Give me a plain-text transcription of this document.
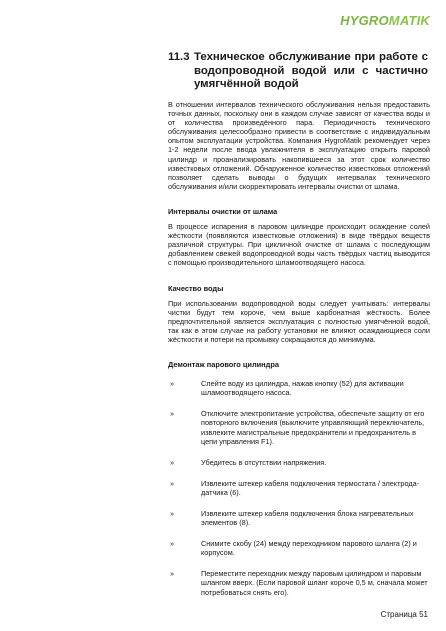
HYGROMATIK
11.3 Техническое обслуживание при работе с водопроводной водой или с частично умягчённой водой

В отношении интервалов технического обслуживания нельзя предоставить точных данных, поскольку они в каждом случае зависят от качества воды и от количества произведённого пара. Периодичность технического обслуживания целесообразно привести в соответствие с индивидуальным опытом эксплуатации устройства. Компания HygroMatik рекомендует через 1-2 недели после ввода увлажнителя в эксплуатацию открыть паровой цилиндр и проанализировать накопившееся за этот срок количество известковых отложений. Обнаруженное количество известковых отложений позволяет сделать выводы о будущих интервалах технического обслуживания и/или скорректировать интервалы очистки от шлама.

Интервалы очистки от шлама

В процессе испарения в паровом цилиндре происходит осаждение солей жёсткости (появляются известковые отложения) в виде твёрдых веществ различной структуры. При цикличной очистке от шлама с последующим добавлением свежей водопроводной воды часть твёрдых частиц выводится с помощью производительного шламоотводящего насоса.

Качество воды

При использовании водопроводной воды следует учитывать: интервалы чистки будут тем короче, чем выше карбонатная жёсткость. Более предпочтительной является эксплуатация с полностью умягчённой водой, так как в этом случае на работу установки не влияют осаждающиеся соли жёсткости и потери на промывку сокращаются до минимума.

Демонтаж парового цилиндра
»	Слейте воду из цилиндра, нажав кнопку (52) для активации шламоотводящего насоса.
»	Отключите электропитание устройства, обеспечьте защиту от его повторного включения (выключите управляющий переключатель, извлеките магистральные предохранители и предохранитель в цепи управления F1).
»	Убедитесь в отсутствии напряжения.
»	Извлеките штекер кабеля подключения термостата / электрода-датчика (6).
»	Извлеките штекер кабеля подключения блока нагревательных элементов (8).
»	Снимите скобу (24) между переходником парового шланга (2) и корпусом.
»	Переместите переходник между паровым цилиндром и паровым шлангом вверх. (Если паровой шланг короче 0,5 м, сначала может потребоваться снять его).
Страница 51
